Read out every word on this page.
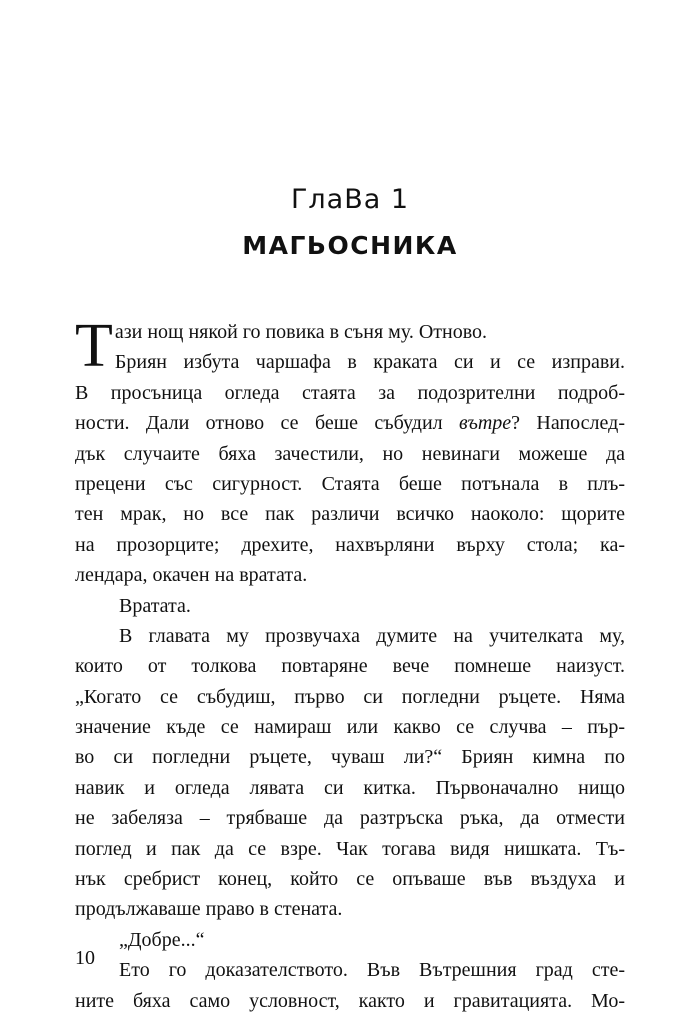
ГлаВа 1
МАГЬОСНИКА
Т ази нощ някой го повика в съня му. Отново.
Бриян избута чаршафа в краката си и се изправи.
В просъница огледа стаята за подозрителни подроб-
ности. Дали отново се беше събудил вътре? Напослед-
дък случаите бяха зачестили, но невинаги можеше да
прецени със сигурност. Стаята беше потънала в плъ-
тен мрак, но все пак различи всичко наоколо: щорите
на прозорците; дрехите, нахвърляни върху стола; ка-
лендара, окачен на вратата.
Вратата.
В главата му прозвучаха думите на учителката му,
които от толкова повтаряне вече помнеше наизуст.
„Когато се събудиш, първо си погледни ръцете. Няма
значение къде се намираш или какво се случва – пър-
во си погледни ръцете, чуваш ли?“ Бриян кимна по
навик и огледа лявата си китка. Първоначално нищо
не забеляза – трябваше да разтръска ръка, да отмести
поглед и пак да се взре. Чак тогава видя нишката. Тъ-
нък сребрист конец, който се опъваше във въздуха и
продължаваше право в стената.
„Добре...“
Ето го доказателството. Във Вътрешния град сте-
ните бяха само условност, както и гравитацията. Мо-
10
